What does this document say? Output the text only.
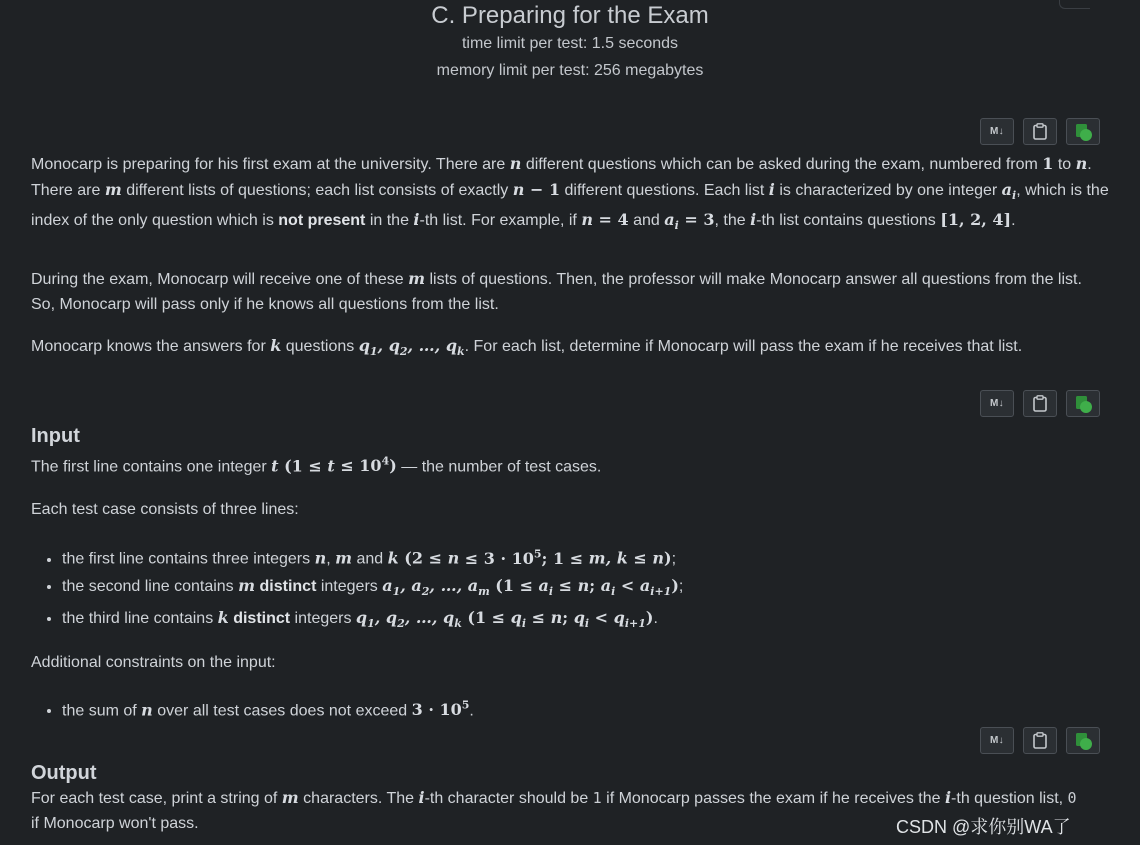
C. Preparing for the Exam
time limit per test: 1.5 seconds
memory limit per test: 256 megabytes
M↓
Monocarp is preparing for his first exam at the university. There are n different questions which can be asked during the exam, numbered from 1 to n. There are m different lists of questions; each list consists of exactly n − 1 different questions. Each list i is characterized by one integer $a_i$, which is the index of the only question which is not present in the i-th list. For example, if n = 4 and $a_i = 3$, the i-th list contains questions [1, 2, 4].
During the exam, Monocarp will receive one of these m lists of questions. Then, the professor will make Monocarp answer all questions from the list. So, Monocarp will pass only if he knows all questions from the list.
Monocarp knows the answers for k questions $q_1$, $q_2$, …, $q_k$. For each list, determine if Monocarp will pass the exam if he receives that list.
M↓
Input
The first line contains one integer t $(1 \le t \le 10^4)$ — the number of test cases.
Each test case consists of three lines:
• the first line contains three integers n, m and k ($2 \le n \le 3 \cdot 10^5$; 1 ≤ m, k ≤ n);
• the second line contains m distinct integers $a_1$, $a_2$, …, $a_m$ ($1 \le a_i \le n$; $a_i < a_{i+1}$);
• the third line contains k distinct integers $q_1$, $q_2$, …, $q_k$ ($1 \le q_i \le n$; $q_i < q_{i+1}$).
Additional constraints on the input:
• the sum of n over all test cases does not exceed $3 \cdot 10^5$.
M↓
Output
For each test case, print a string of m characters. The i-th character should be 1 if Monocarp passes the exam if he receives the i-th question list, 0 if Monocarp won't pass.	CSDN @求你别WA了
